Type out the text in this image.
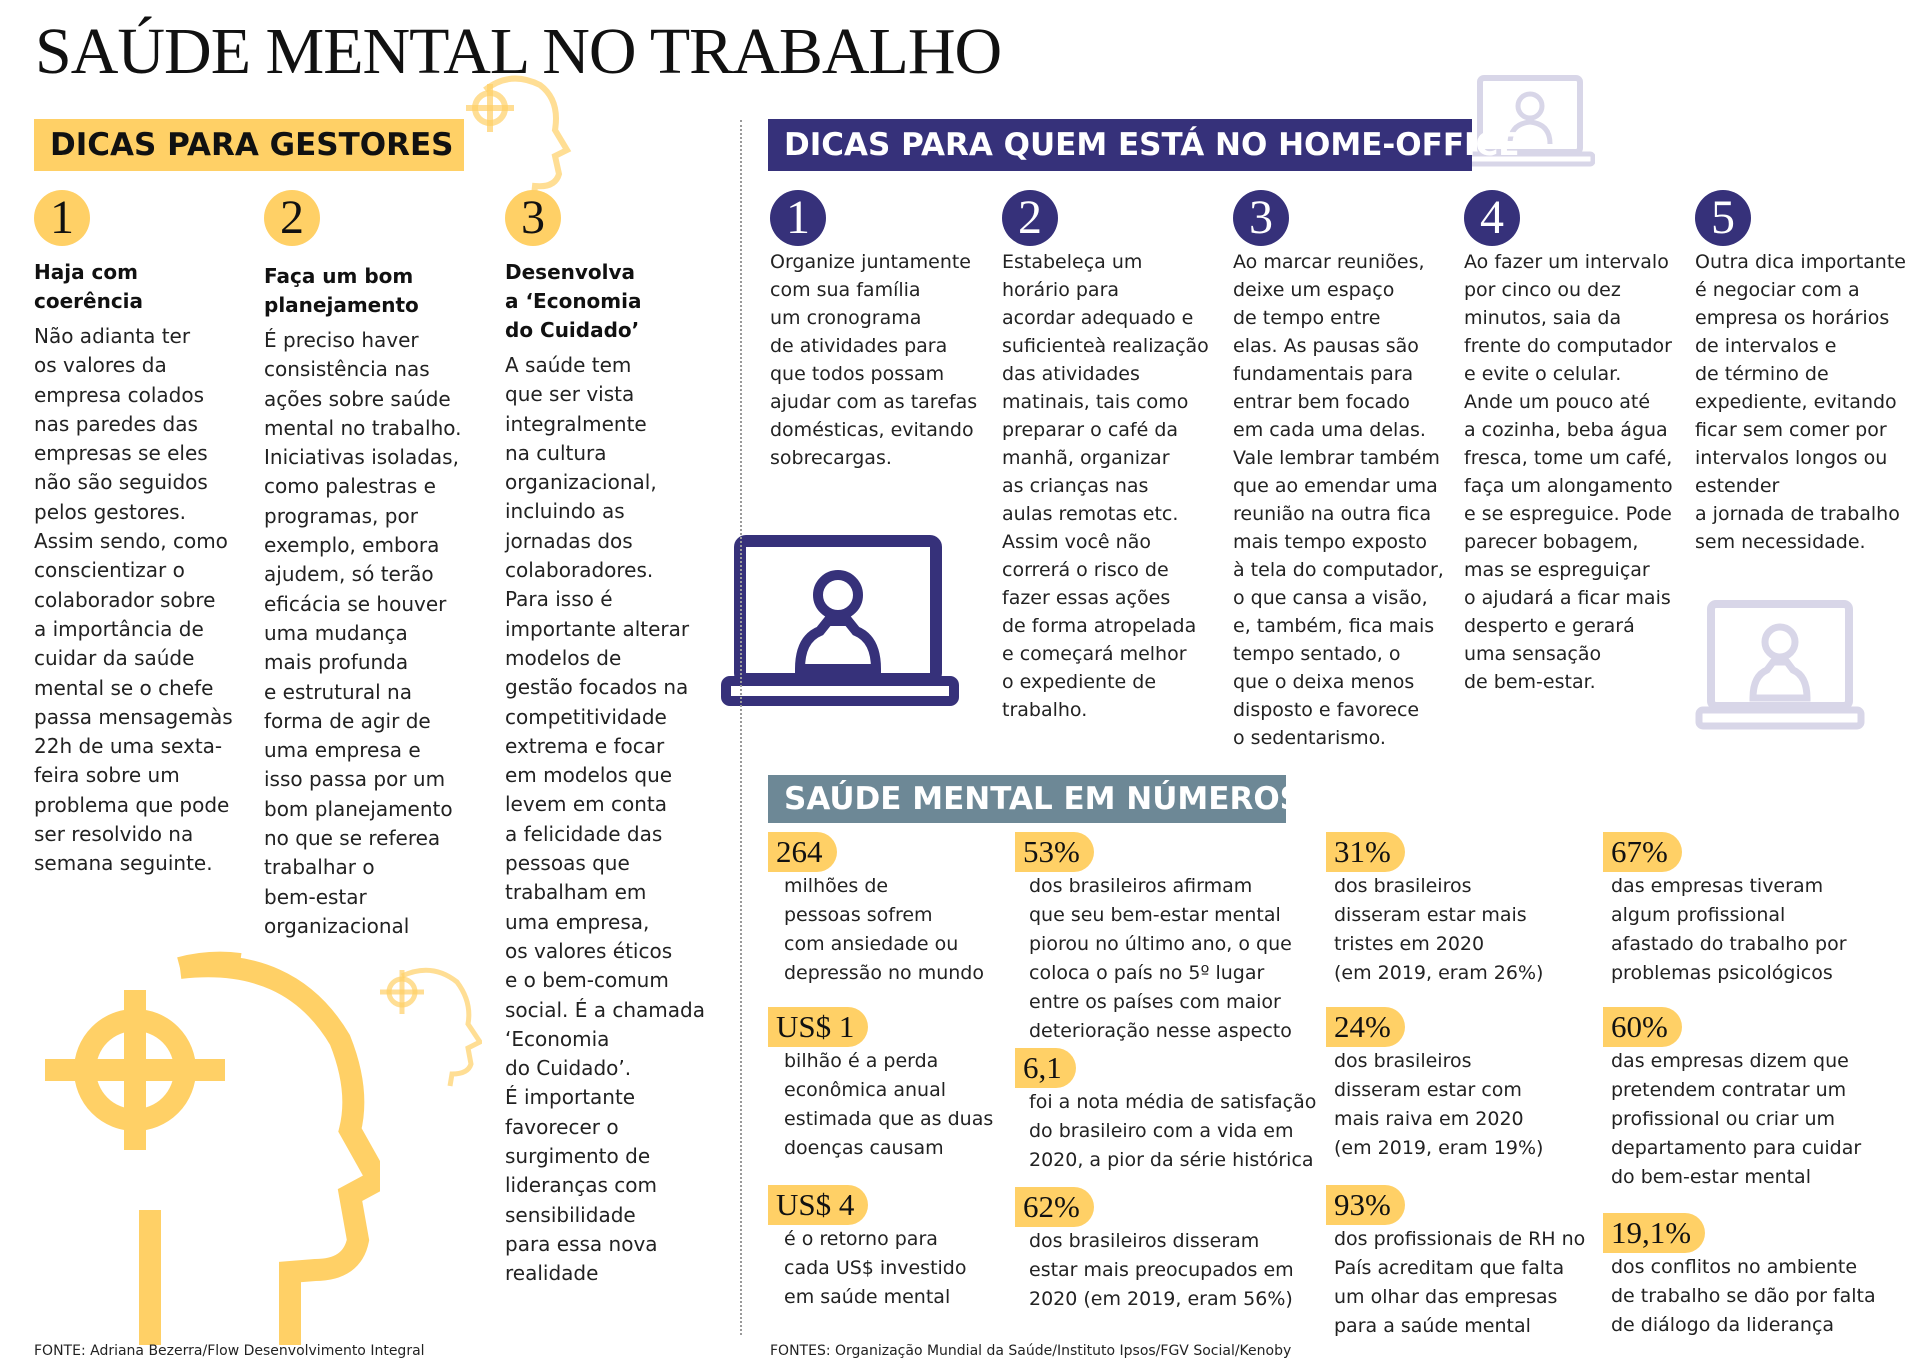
SAÚDE MENTAL NO TRABALHO
DICAS PARA GESTORES	DICAS PARA QUEM ESTÁ NO HOME-OFFICE
SAÚDE MENTAL EM NÚMEROS
1
Haja com coerência
Não adianta ter
os valores da
empresa colados
nas paredes das
empresas se eles
não são seguidos
pelos gestores.
Assim sendo, como
conscientizar o
colaborador sobre
a importância de
cuidar da saúde
mental se o chefe
passa mensagemàs
22h de uma sexta-
feira sobre um
problema que pode
ser resolvido na
semana seguinte.
2
Faça um bom planejamento
É preciso haver
consistência nas
ações sobre saúde
mental no trabalho.
Iniciativas isoladas,
como palestras e
programas, por
exemplo, embora
ajudem, só terão
eficácia se houver
uma mudança
mais profunda
e estrutural na
forma de agir de
uma empresa e
isso passa por um
bom planejamento
no que se referea
trabalhar o
bem-estar
organizacional
3
Desenvolva a ‘Economia do Cuidado’
A saúde tem
que ser vista
integralmente
na cultura
organizacional,
incluindo as
jornadas dos
colaboradores.
Para isso é
importante alterar
modelos de
gestão focados na
competitividade
extrema e focar
em modelos que
levem em conta
a felicidade das
pessoas que
trabalham em
uma empresa,
os valores éticos
e o bem-comum
social. É a chamada
‘Economia
do Cuidado’.
É importante
favorecer o
surgimento de
lideranças com
sensibilidade
para essa nova
realidade
1
Organize juntamente
com sua família
um cronograma
de atividades para
que todos possam
ajudar com as tarefas
domésticas, evitando
sobrecargas.
2
Estabeleça um
horário para
acordar adequado e
suficienteà realização
das atividades
matinais, tais como
preparar o café da
manhã, organizar
as crianças nas
aulas remotas etc.
Assim você não
correrá o risco de
fazer essas ações
de forma atropelada
e começará melhor
o expediente de
trabalho.
3
Ao marcar reuniões,
deixe um espaço
de tempo entre
elas. As pausas são
fundamentais para
entrar bem focado
em cada uma delas.
Vale lembrar também
que ao emendar uma
reunião na outra fica
mais tempo exposto
à tela do computador,
o que cansa a visão,
e, também, fica mais
tempo sentado, o
que o deixa menos
disposto e favorece
o sedentarismo.
4
Ao fazer um intervalo
por cinco ou dez
minutos, saia da
frente do computador
e evite o celular.
Ande um pouco até
a cozinha, beba água
fresca, tome um café,
faça um alongamento
e se espreguice. Pode
parecer bobagem,
mas se espreguiçar
o ajudará a ficar mais
desperto e gerará
uma sensação
de bem-estar.
5
Outra dica importante
é negociar com a
empresa os horários
de intervalos e
de término de
expediente, evitando
ficar sem comer por
intervalos longos ou
estender
a jornada de trabalho
sem necessidade.
264
milhões de
pessoas sofrem
com ansiedade ou
depressão no mundo
US$ 1
bilhão é a perda
econômica anual
estimada que as duas
doenças causam
US$ 4
é o retorno para
cada US$ investido
em saúde mental
53%
dos brasileiros afirmam
que seu bem-estar mental
piorou no último ano, o que
coloca o país no 5º lugar
entre os países com maior
deterioração nesse aspecto
6,1
foi a nota média de satisfação
do brasileiro com a vida em
2020, a pior da série histórica
62%
dos brasileiros disseram
estar mais preocupados em
2020 (em 2019, eram 56%)
31%
dos brasileiros
disseram estar mais
tristes em 2020
(em 2019, eram 26%)
24%
dos brasileiros
disseram estar com
mais raiva em 2020
(em 2019, eram 19%)
93%
dos profissionais de RH no
País acreditam que falta
um olhar das empresas
para a saúde mental
67%
das empresas tiveram
algum profissional
afastado do trabalho por
problemas psicológicos
60%
das empresas dizem que
pretendem contratar um
profissional ou criar um
departamento para cuidar
do bem-estar mental
19,1%
dos conflitos no ambiente
de trabalho se dão por falta
de diálogo da liderança
FONTE: Adriana Bezerra/Flow Desenvolvimento Integral	FONTES: Organização Mundial da Saúde/Instituto Ipsos/FGV Social/Kenoby
